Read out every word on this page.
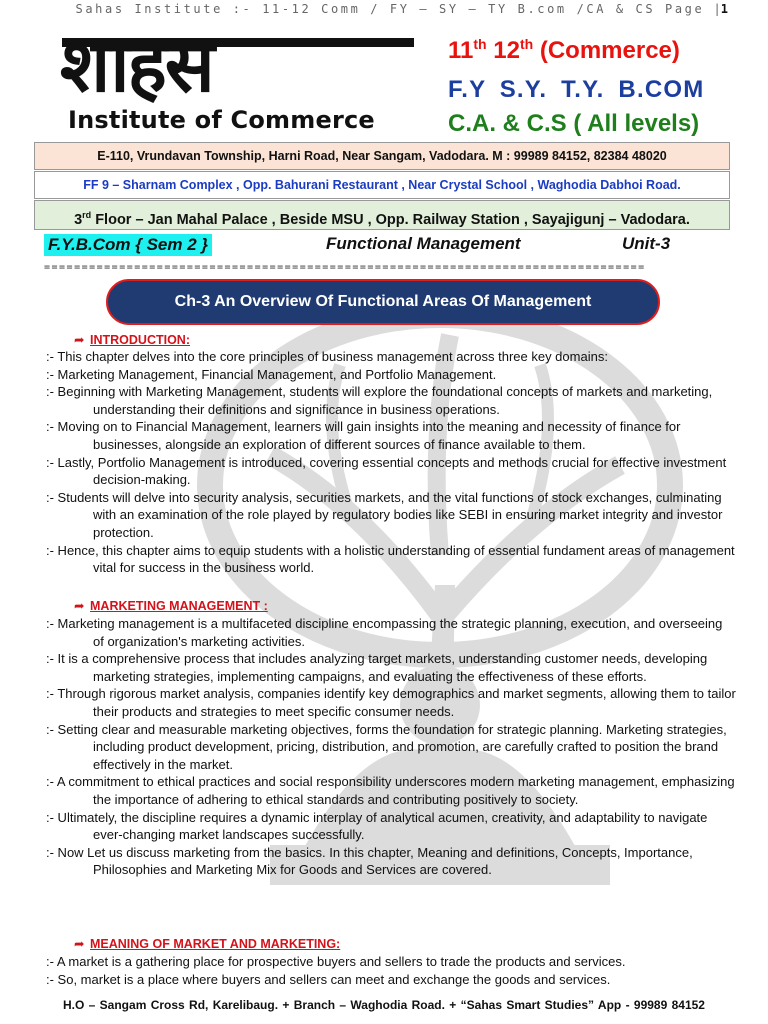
Sahas Institute :- 11-12 Comm / FY – SY – TY B.com /CA & CS Page |1
शाहस
Institute of Commerce
11th 12th (Commerce)
F.Y S.Y. T.Y. B.COM
C.A. & C.S ( All levels)
E-110, Vrundavan Township, Harni Road, Near Sangam, Vadodara. M : 99989 84152, 82384 48020
FF 9 – Sharnam Complex , Opp. Bahurani Restaurant , Near Crystal School , Waghodia Dabhoi Road.
3rd Floor – Jan Mahal Palace , Beside MSU , Opp. Railway Station , Sayajigunj – Vadodara.
F.Y.B.Com { Sem 2 }	Functional Management	Unit-3
================================================================================
Ch-3 An Overview Of Functional Areas Of Management
➦ INTRODUCTION:

:- This chapter delves into the core principles of business management across three key domains:

:- Marketing Management, Financial Management, and Portfolio Management.

:- Beginning with Marketing Management, students will explore the foundational concepts of markets and marketing, understanding their definitions and significance in business operations.

:- Moving on to Financial Management, learners will gain insights into the meaning and necessity of finance for businesses, alongside an exploration of different sources of finance available to them.

:- Lastly, Portfolio Management is introduced, covering essential concepts and methods crucial for effective investment decision-making.

:- Students will delve into security analysis, securities markets, and the vital functions of stock exchanges, culminating with an examination of the role played by regulatory bodies like SEBI in ensuring market integrity and investor protection.

:- Hence, this chapter aims to equip students with a holistic understanding of essential fundament areas of management vital for success in the business world.

➦ MARKETING MANAGEMENT :

:- Marketing management is a multifaceted discipline encompassing the strategic planning, execution, and overseeing of organization's marketing activities.

:- It is a comprehensive process that includes analyzing target markets, understanding customer needs, developing marketing strategies, implementing campaigns, and evaluating the effectiveness of these efforts.

:- Through rigorous market analysis, companies identify key demographics and market segments, allowing them to tailor their products and strategies to meet specific consumer needs.

:- Setting clear and measurable marketing objectives, forms the foundation for strategic planning. Marketing strategies, including product development, pricing, distribution, and promotion, are carefully crafted to position the brand effectively in the market.

:- A commitment to ethical practices and social responsibility underscores modern marketing management, emphasizing the importance of adhering to ethical standards and contributing positively to society.

:- Ultimately, the discipline requires a dynamic interplay of analytical acumen, creativity, and adaptability to navigate ever-changing market landscapes successfully.

:- Now Let us discuss marketing from the basics. In this chapter, Meaning and definitions, Concepts, Importance, Philosophies and Marketing Mix for Goods and Services are covered.

➦ MEANING OF MARKET AND MARKETING:

:- A market is a gathering place for prospective buyers and sellers to trade the products and services.

:- So, market is a place where buyers and sellers can meet and exchange the goods and services.

H.O – Sangam Cross Rd, Karelibaug. + Branch – Waghodia Road. + “Sahas Smart Studies” App - 99989 84152
